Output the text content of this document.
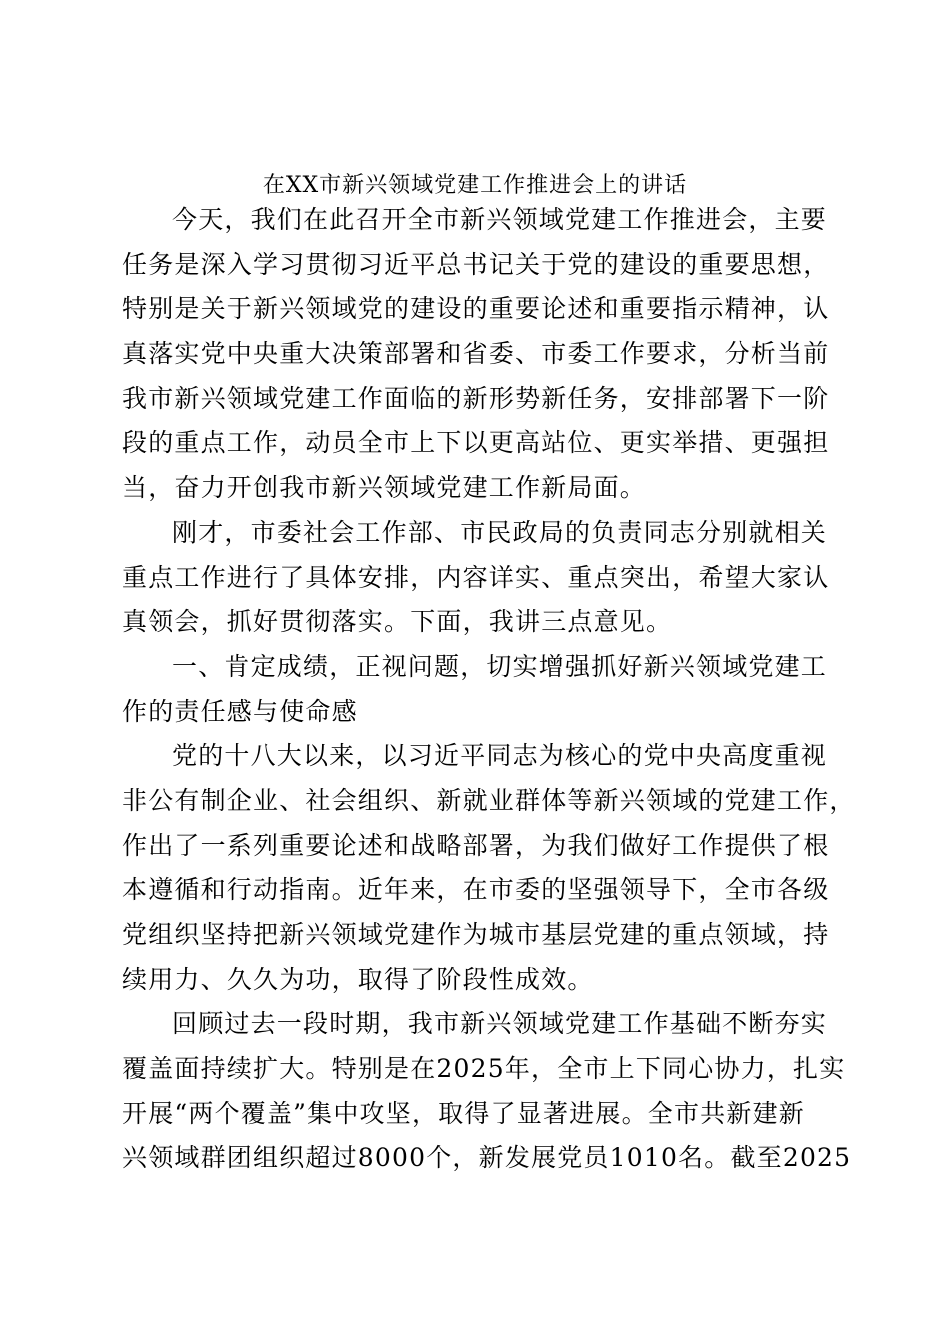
在XX市新兴领域党建工作推进会上的讲话
今天，我们在此召开全市新兴领域党建工作推进会，主要
任务是深入学习贯彻习近平总书记关于党的建设的重要思想，
特别是关于新兴领域党的建设的重要论述和重要指示精神，认
真落实党中央重大决策部署和省委、市委工作要求，分析当前
我市新兴领域党建工作面临的新形势新任务，安排部署下一阶
段的重点工作，动员全市上下以更高站位、更实举措、更强担
当，奋力开创我市新兴领域党建工作新局面。
刚才，市委社会工作部、市民政局的负责同志分别就相关
重点工作进行了具体安排，内容详实、重点突出，希望大家认
真领会，抓好贯彻落实。下面，我讲三点意见。
一、肯定成绩，正视问题，切实增强抓好新兴领域党建工
作的责任感与使命感
党的十八大以来，以习近平同志为核心的党中央高度重视
非公有制企业、社会组织、新就业群体等新兴领域的党建工作，
作出了一系列重要论述和战略部署，为我们做好工作提供了根
本遵循和行动指南。近年来，在市委的坚强领导下，全市各级
党组织坚持把新兴领域党建作为城市基层党建的重点领域，持
续用力、久久为功，取得了阶段性成效。
回顾过去一段时期，我市新兴领域党建工作基础不断夯实
覆盖面持续扩大。特别是在2025年，全市上下同心协力，扎实
开展“两个覆盖”集中攻坚，取得了显著进展。全市共新建新
兴领域群团组织超过8000个，新发展党员1010名。截至2025
